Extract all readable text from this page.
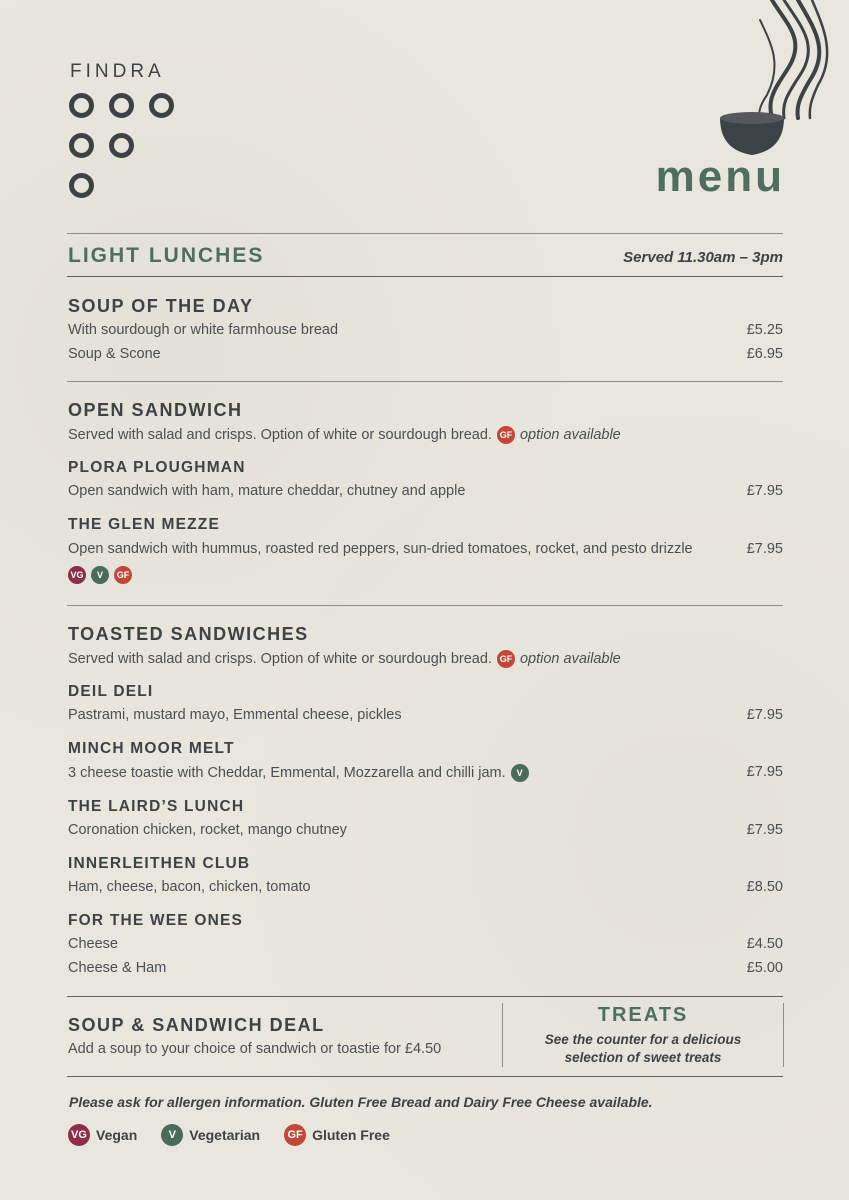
FINDRA
menu
LIGHT LUNCHES	Served 11.30am – 3pm
SOUP OF THE DAY
With sourdough or white farmhouse bread	£5.25
Soup & Scone	£6.95
OPEN SANDWICH
Served with salad and crisps. Option of white or sourdough bread. GF option available
PLORA PLOUGHMAN
Open sandwich with ham, mature cheddar, chutney and apple	£7.95
THE GLEN MEZZE
Open sandwich with hummus, roasted red peppers, sun-dried tomatoes, rocket, and pesto drizzle	£7.95
VG	V	GF
TOASTED SANDWICHES
Served with salad and crisps. Option of white or sourdough bread. GF option available
DEIL DELI
Pastrami, mustard mayo, Emmental cheese, pickles	£7.95
MINCH MOOR MELT
3 cheese toastie with Cheddar, Emmental, Mozzarella and chilli jam.	V	£7.95
THE LAIRD’S LUNCH
Coronation chicken, rocket, mango chutney	£7.95
INNERLEITHEN CLUB
Ham, cheese, bacon, chicken, tomato	£8.50
FOR THE WEE ONES
Cheese	£4.50
Cheese & Ham	£5.00
SOUP & SANDWICH DEAL
Add a soup to your choice of sandwich or toastie for £4.50
TREATS
See the counter for a delicious
selection of sweet treats
Please ask for allergen information. Gluten Free Bread and Dairy Free Cheese available.
VG Vegan	V Vegetarian	GF Gluten Free
